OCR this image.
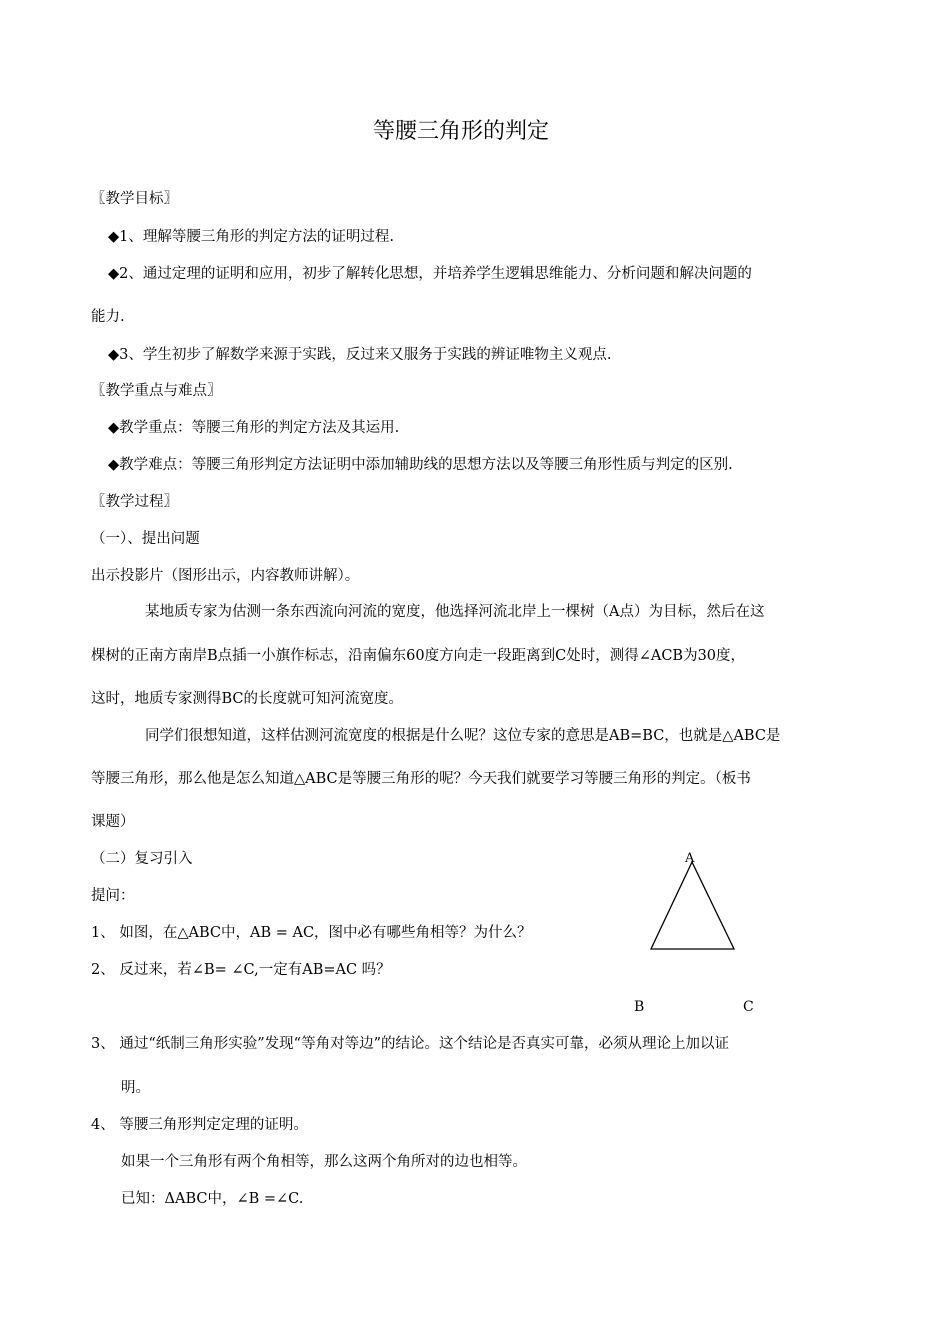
等腰三角形的判定
〖教学目标〗
◆1、理解等腰三角形的判定方法的证明过程.
◆2、通过定理的证明和应用，初步了解转化思想，并培养学生逻辑思维能力、分析问题和解决问题的
能力.
◆3、学生初步了解数学来源于实践，反过来又服务于实践的辨证唯物主义观点.
〖教学重点与难点〗
◆教学重点：等腰三角形的判定方法及其运用.
◆教学难点：等腰三角形判定方法证明中添加辅助线的思想方法以及等腰三角形性质与判定的区别.
〖教学过程〗
（一）、提出问题
出示投影片（图形出示，内容教师讲解）。
某地质专家为估测一条东西流向河流的宽度，他选择河流北岸上一棵树（A点）为目标，然后在这
棵树的正南方南岸B点插一小旗作标志，沿南偏东60度方向走一段距离到C处时，测得∠ACB为30度，
这时，地质专家测得BC的长度就可知河流宽度。
同学们很想知道，这样估测河流宽度的根据是什么呢？这位专家的意思是AB=BC，也就是△ABC是
等腰三角形，那么他是怎么知道△ABC是等腰三角形的呢？今天我们就要学习等腰三角形的判定。（板书
课题）
（二）复习引入
提问：
1、 如图，在△ABC中，AB = AC，图中必有哪些角相等？为什么？
2、 反过来，若∠B= ∠C,一定有AB=AC 吗？
3、 通过“纸制三角形实验”发现“等角对等边”的结论。这个结论是否真实可靠，必须从理论上加以证
明。
4、 等腰三角形判定定理的证明。
如果一个三角形有两个角相等，那么这两个角所对的边也相等。
已知：ΔABC中，∠B =∠C.
A
B	C
